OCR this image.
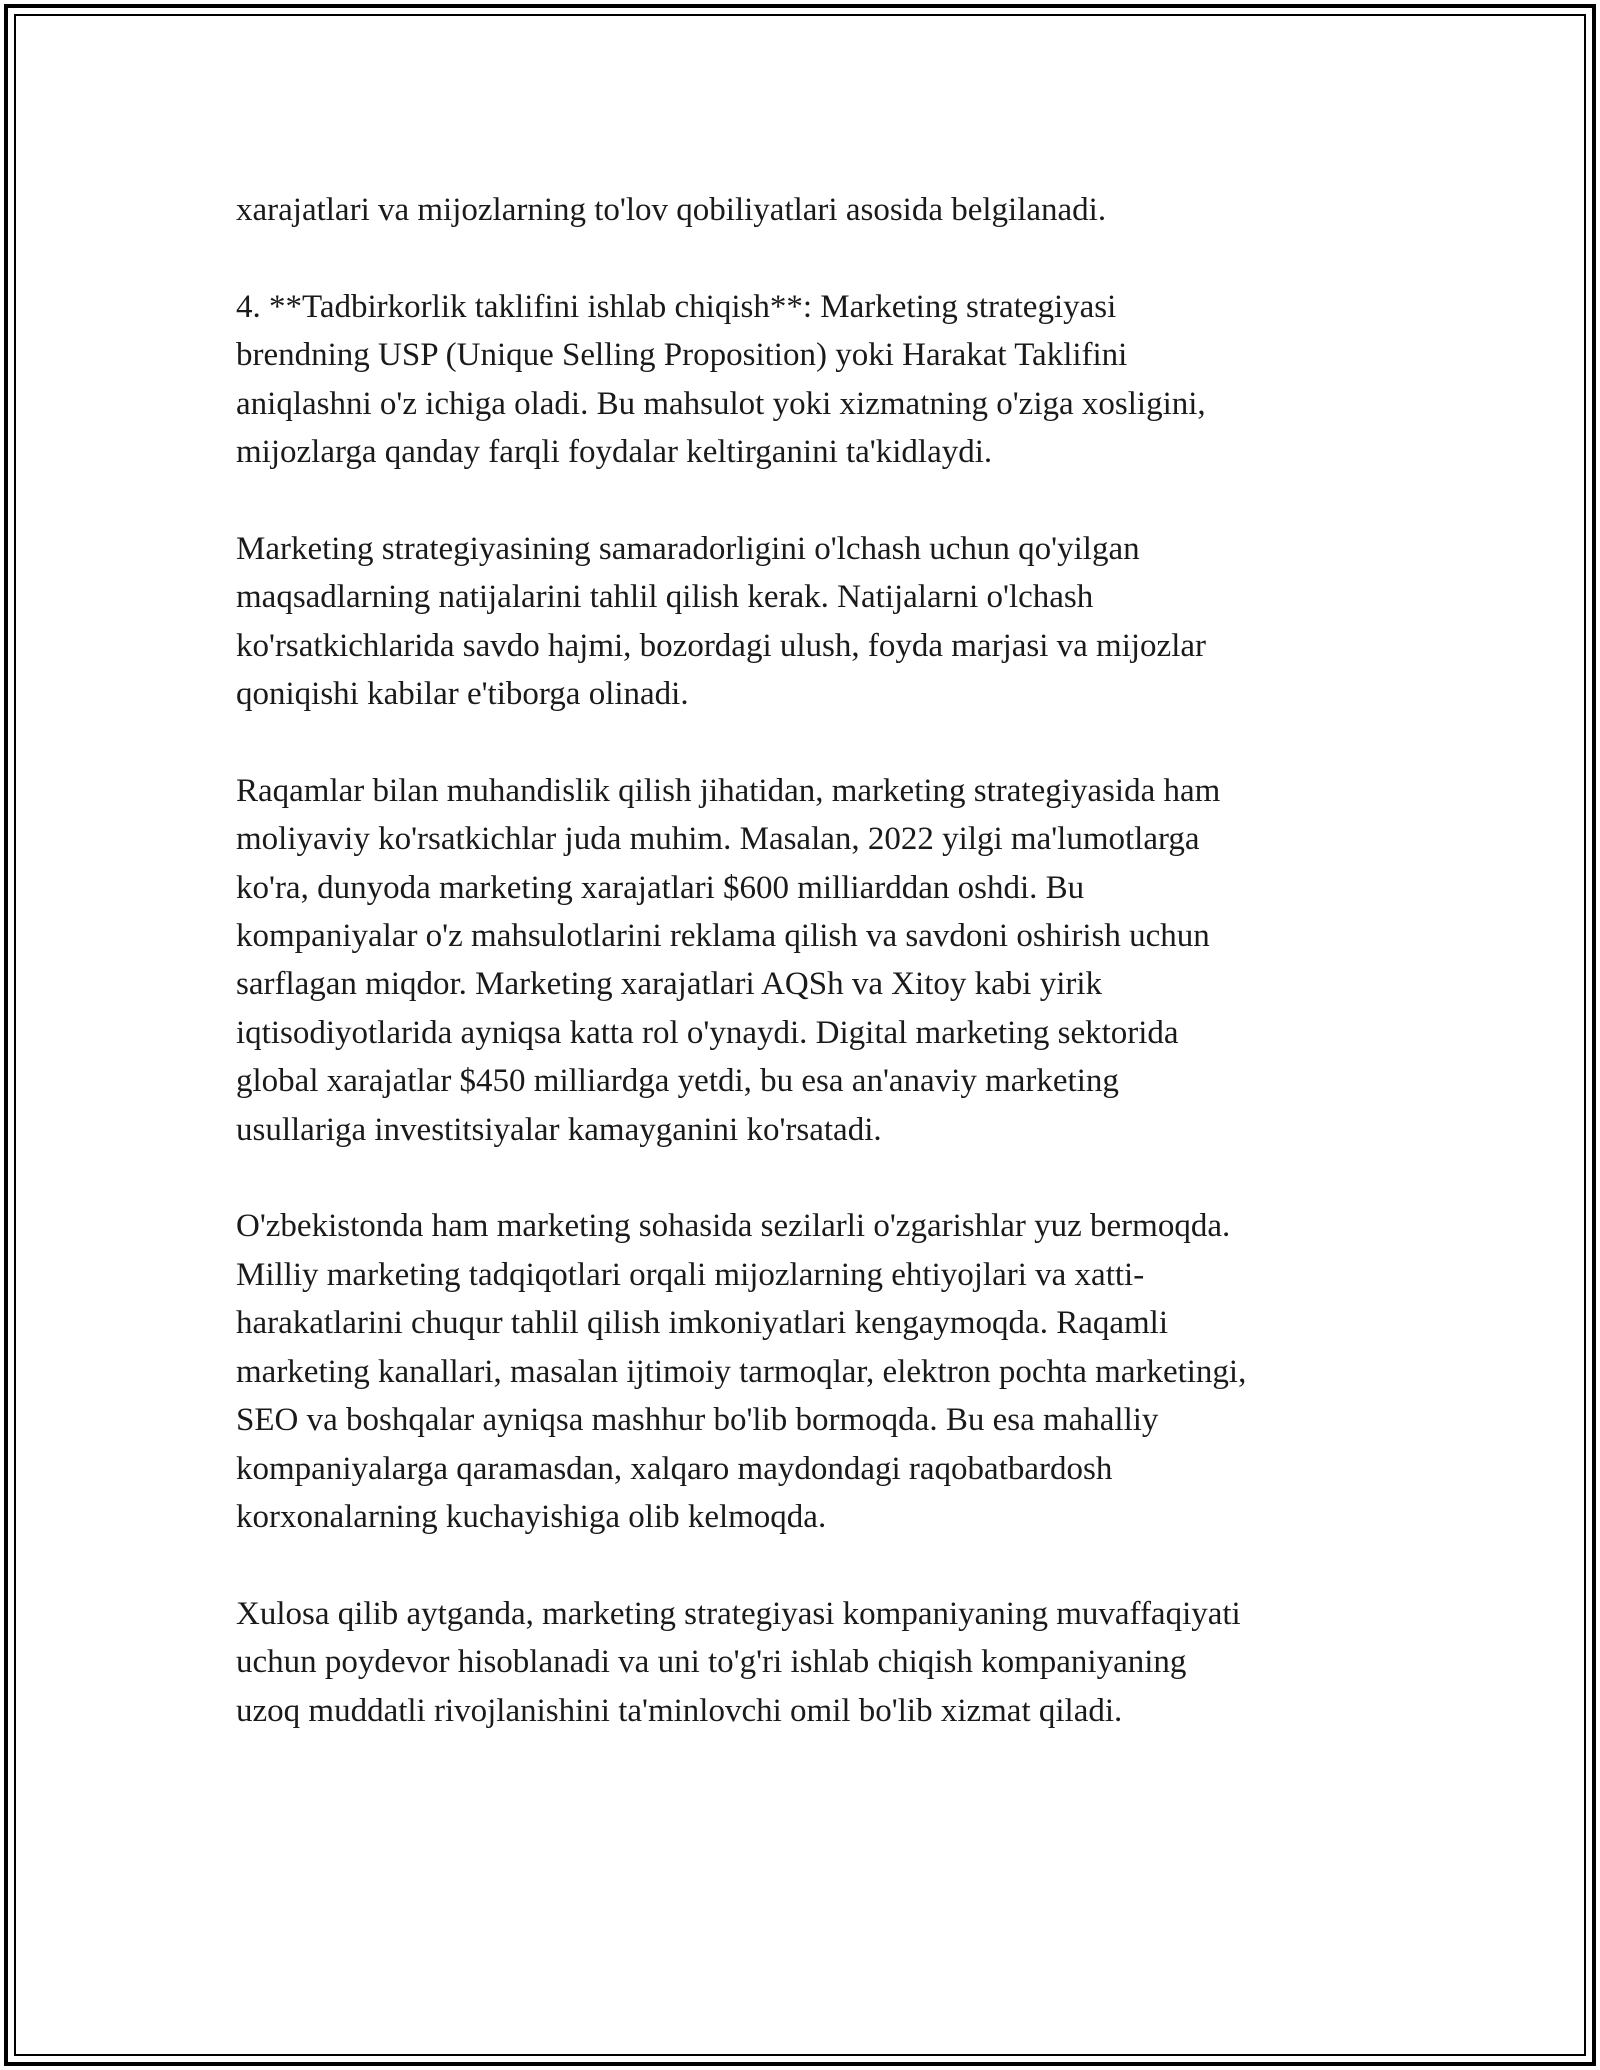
xarajatlari va mijozlarning to'lov qobiliyatlari asosida belgilanadi.

4. **Tadbirkorlik taklifini ishlab chiqish**: Marketing strategiyasi
brendning USP (Unique Selling Proposition) yoki Harakat Taklifini
aniqlashni o'z ichiga oladi. Bu mahsulot yoki xizmatning o'ziga xosligini,
mijozlarga qanday farqli foydalar keltirganini ta'kidlaydi.

Marketing strategiyasining samaradorligini o'lchash uchun qo'yilgan
maqsadlarning natijalarini tahlil qilish kerak. Natijalarni o'lchash
ko'rsatkichlarida savdo hajmi, bozordagi ulush, foyda marjasi va mijozlar
qoniqishi kabilar e'tiborga olinadi.

Raqamlar bilan muhandislik qilish jihatidan, marketing strategiyasida ham
moliyaviy ko'rsatkichlar juda muhim. Masalan, 2022 yilgi ma'lumotlarga
ko'ra, dunyoda marketing xarajatlari $600 milliarddan oshdi. Bu
kompaniyalar o'z mahsulotlarini reklama qilish va savdoni oshirish uchun
sarflagan miqdor. Marketing xarajatlari AQSh va Xitoy kabi yirik
iqtisodiyotlarida ayniqsa katta rol o'ynaydi. Digital marketing sektorida
global xarajatlar $450 milliardga yetdi, bu esa an'anaviy marketing
usullariga investitsiyalar kamayganini ko'rsatadi.

O'zbekistonda ham marketing sohasida sezilarli o'zgarishlar yuz bermoqda.
Milliy marketing tadqiqotlari orqali mijozlarning ehtiyojlari va xatti-
harakatlarini chuqur tahlil qilish imkoniyatlari kengaymoqda. Raqamli
marketing kanallari, masalan ijtimoiy tarmoqlar, elektron pochta marketingi,
SEO va boshqalar ayniqsa mashhur bo'lib bormoqda. Bu esa mahalliy
kompaniyalarga qaramasdan, xalqaro maydondagi raqobatbardosh
korxonalarning kuchayishiga olib kelmoqda.

Xulosa qilib aytganda, marketing strategiyasi kompaniyaning muvaffaqiyati
uchun poydevor hisoblanadi va uni to'g'ri ishlab chiqish kompaniyaning
uzoq muddatli rivojlanishini ta'minlovchi omil bo'lib xizmat qiladi.
